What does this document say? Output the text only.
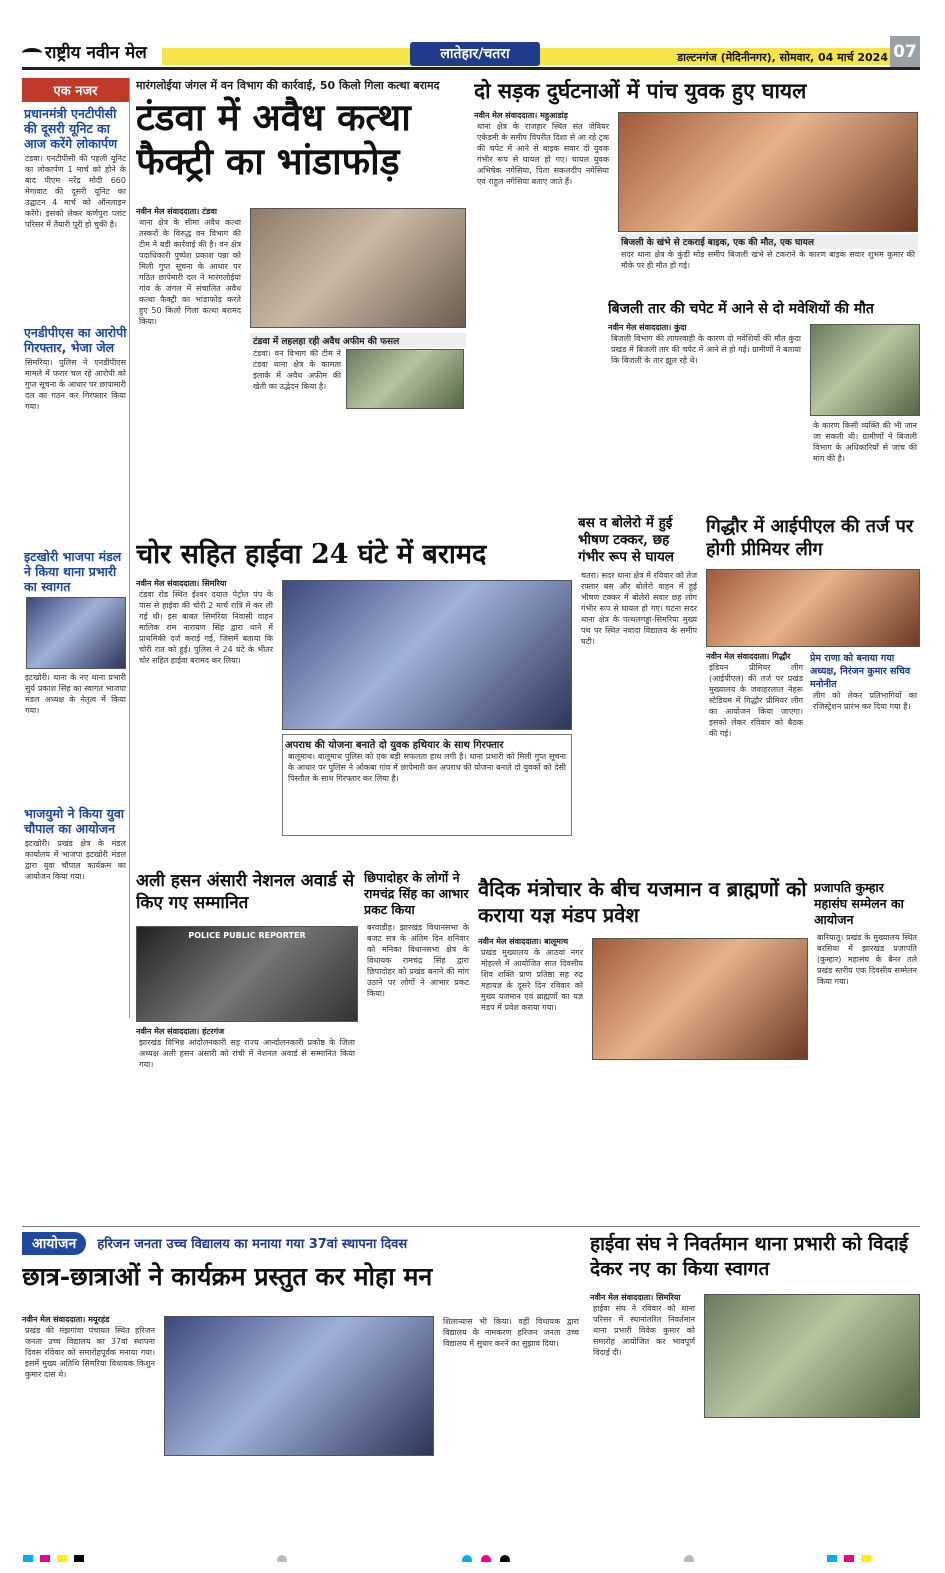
राष्ट्रीय नवीन मेल	लातेहार/चतरा	डाल्टनगंज (मेदिनीनगर), सोमवार, 04 मार्च 2024 07
एक नजर
प्रधानमंत्री एनटीपीसी की दूसरी यूनिट का आज करेंगे लोकार्पण
टंडवा। एनटीपीसी की पहली यूनिट का लोकार्पण 1 मार्च को होने के बाद पीएम नरेंद्र मोदी 660 मेगावाट की दूसरी यूनिट का उद्घाटन 4 मार्च को ऑनलाइन करेंगे। इसको लेकर कर्णपुरा प्लांट परिसर में तैयारी पूरी हो चुकी है।
एनडीपीएस का आरोपी गिरफ्तार, भेजा जेल
सिमरिया। पुलिस ने एनडीपीएस मामले में फरार चल रहे आरोपी को गुप्त सूचना के आधार पर छापामारी दल का गठन कर गिरफ्तार किया गया।
इटखोरी भाजपा मंडल ने किया थाना प्रभारी का स्वागत
इटखोरी। थाना के नए थाना प्रभारी सुर्य प्रकाश सिंह का स्वागत भाजपा मंडल अध्यक्ष के नेतृत्व में किया गया।
भाजयुमो ने किया युवा चौपाल का आयोजन
इटखोरी। प्रखंड क्षेत्र के मंडल कार्यालय में भाजपा इटखोरी मंडल द्वारा युवा चौपाल कार्यक्रम का आयोजन किया गया।
मारंगलोईया जंगल में वन विभाग की कार्रवाई, 50 किलो गिला कत्था बरामद
टंडवा में अवैध कत्था फैक्ट्री का भांडाफोड़
नवीन मेल संवाददाता। टंडवा
थाना क्षेत्र के सीमा अवैध कत्था तस्करों के विरुद्ध वन विभाग की टीम ने बड़ी कार्रवाई की है। वन क्षेत्र पदाधिकारी पुष्पेश प्रकाश पन्ना को मिली गुप्त सूचना के आधार पर गठित छापेमारी दल ने मारंगलोईया गांव के जंगल में संचालित अवैध कत्था फैक्ट्री का भांडाफोड़ करते हुए 50 किलो गिला कत्था बरामद किया।
टंडवा में लहलहा रही अवैध अफीम की फसल
टंडवा। वन विभाग की टीम ने टंडवा थाना क्षेत्र के कामता इलाके में अवैध अफीम की खेती का उद्भेदन किया है।
दो सड़क दुर्घटनाओं में पांच युवक हुए घायल
नवीन मेल संवाददाता। महुआडांड़
थाना क्षेत्र के राजहार स्थित संत जेवियर एकेडमी के समीप विपरीत दिशा से आ रहे ट्रक की चपेट में आने से बाइक सवार दो युवक गंभीर रूप से घायल हो गए। घायल युवक अभिषेक नगेसिया, पिता सकलदीप नगेसिया एवं राहुल नगेसिया बताए जाते हैं।
बिजली के खंभे से टकराई बाइक, एक की मौत, एक घायल
सदर थाना क्षेत्र के कुंडी मोड़ समीप बिजली खंभे से टकराने के कारण बाइक सवार शुभम कुमार की मौके पर ही मौत हो गई।
बिजली तार की चपेट में आने से दो मवेशियों की मौत
नवीन मेल संवाददाता। कुंदा
बिजली विभाग की लापरवाही के कारण दो मवेशियों की मौत कुंदा प्रखंड में बिजली तार की चपेट में आने से हो गई। ग्रामीणों ने बताया कि बिजली के तार झूल रहे थे।
के कारण किसी व्यक्ति की भी जान जा सकती थी। ग्रामीणों ने बिजली विभाग के अधिकारियों से जांच की मांग की है।
चोर सहित हाईवा 24 घंटे में बरामद
नवीन मेल संवाददाता। सिमरिया
टंडवा रोड स्थित ईश्वर दयाल पेट्रोल पंप के पास से हाईवा की चोरी 2 मार्च रात्रि में कर ली गई थी। इस बाबत सिमरिया निवासी वाहन मालिक राम नारायण सिंह द्वारा थाने में प्राथमिकी दर्ज कराई गई, जिसमें बताया कि चोरी रात को हुई। पुलिस ने 24 घंटे के भीतर चोर सहित हाईवा बरामद कर लिया।
अपराध की योजना बनाते दो युवक हथियार के साथ गिरफ्तार
बालूमाथ। बालूमाथ पुलिस को एक बड़ी सफलता हाथ लगी है। थाना प्रभारी को मिली गुप्त सूचना के आधार पर पुलिस ने ओकबा गांव में छापेमारी कर अपराध की योजना बनाते दो युवकों को देसी पिस्तौल के साथ गिरफ्तार कर लिया है।
बस व बोलेरो में हुई भीषण टक्कर, छह गंभीर रूप से घायल
चतरा। सदर थाना क्षेत्र में रविवार को तेज रफ्तार बस और बोलेरो वाहन में हुई भीषण टक्कर में बोलेरो सवार छह लोग गंभीर रूप से घायल हो गए। घटना सदर थाना क्षेत्र के पत्थलगड्डा-सिमरिया मुख्य पथ पर स्थित नवादा विद्यालय के समीप घटी।
गिद्धौर में आईपीएल की तर्ज पर होगी प्रीमियर लीग
नवीन मेल संवाददाता। गिद्धौर
इंडियन प्रीमियर लीग (आईपीएल) की तर्ज पर प्रखंड मुख्यालय के जवाहरलाल नेहरू स्टेडियम में गिद्धौर प्रीमियर लीग का आयोजन किया जाएगा। इसको लेकर रविवार को बैठक की गई।
प्रेम राणा को बनाया गया अध्यक्ष, निरंजन कुमार सचिव मनोनीत
लीग को लेकर प्रतिभागियों का रजिस्ट्रेशन प्रारंभ कर दिया गया है।
अली हसन अंसारी नेशनल अवार्ड से किए गए सम्मानित
POLICE PUBLIC REPORTER
नवीन मेल संवाददाता। हंटरगंज
झारखंड विभिन्न आंदोलनकारी सह राज्य आन्दोलनकारी प्रकोष्ठ के जिला अध्यक्ष अली हसन अंसारी को रांची में नेशनल अवार्ड से सम्मानित किया गया।
छिपादोहर के लोगों ने रामचंद्र सिंह का आभार प्रकट किया
बरवाडीह। झारखंड विधानसभा के बजट सत्र के अंतिम दिन शनिवार को मनिका विधानसभा क्षेत्र के विधायक रामचंद्र सिंह द्वारा छिपादोहर को प्रखंड बनाने की मांग उठाने पर लोगों ने आभार प्रकट किया।
वैदिक मंत्रोचार के बीच यजमान व ब्राह्मणों को कराया यज्ञ मंडप प्रवेश
नवीन मेल संवाददाता। बालूमाथ
प्रखंड मुख्यालय के आठवां नगर मोहल्ले में आयोजित सात दिवसीय शिव शक्ति प्राण प्रतिष्ठा सह रुद्र महायज्ञ के दूसरे दिन रविवार को मुख्य यजमान एवं ब्राह्मणों का यज्ञ मंडप में प्रवेश कराया गया।
प्रजापति कुम्हार महासंघ सम्मेलन का आयोजन
बारियातू। प्रखंड के मुख्यालय स्थित बरसिया में झारखंड प्रजापति (कुम्हार) महासंघ के बैनर तले प्रखंड स्तरीय एक दिवसीय सम्मेलन किया गया।
आयोजन हरिजन जनता उच्च विद्यालय का मनाया गया 37वां स्थापना दिवस
छात्र-छात्राओं ने कार्यक्रम प्रस्तुत कर मोहा मन
नवीन मेल संवाददाता। मयूरहंड
प्रखंड की मंझगांवा पंचायत स्थित हरिजन जनता उच्च विद्यालय का 37वां स्थापना दिवस रविवार को समारोहपूर्वक मनाया गया। इसमें मुख्य अतिथि सिमरिया विधायक किशुन कुमार दास थे।
शिलान्यास भी किया। वहीं विधायक द्वारा विद्यालय के नामकरण हरिजन जनता उच्च विद्यालय में सुधार करने का सुझाव दिया।
हाईवा संघ ने निवर्तमान थाना प्रभारी को विदाई देकर नए का किया स्वागत
नवीन मेल संवाददाता। सिमरिया
हाईवा संघ ने रविवार को थाना परिसर में स्थानांतरित निवर्तमान थाना प्रभारी विवेक कुमार को समारोह आयोजित कर भावपूर्ण विदाई दी।
